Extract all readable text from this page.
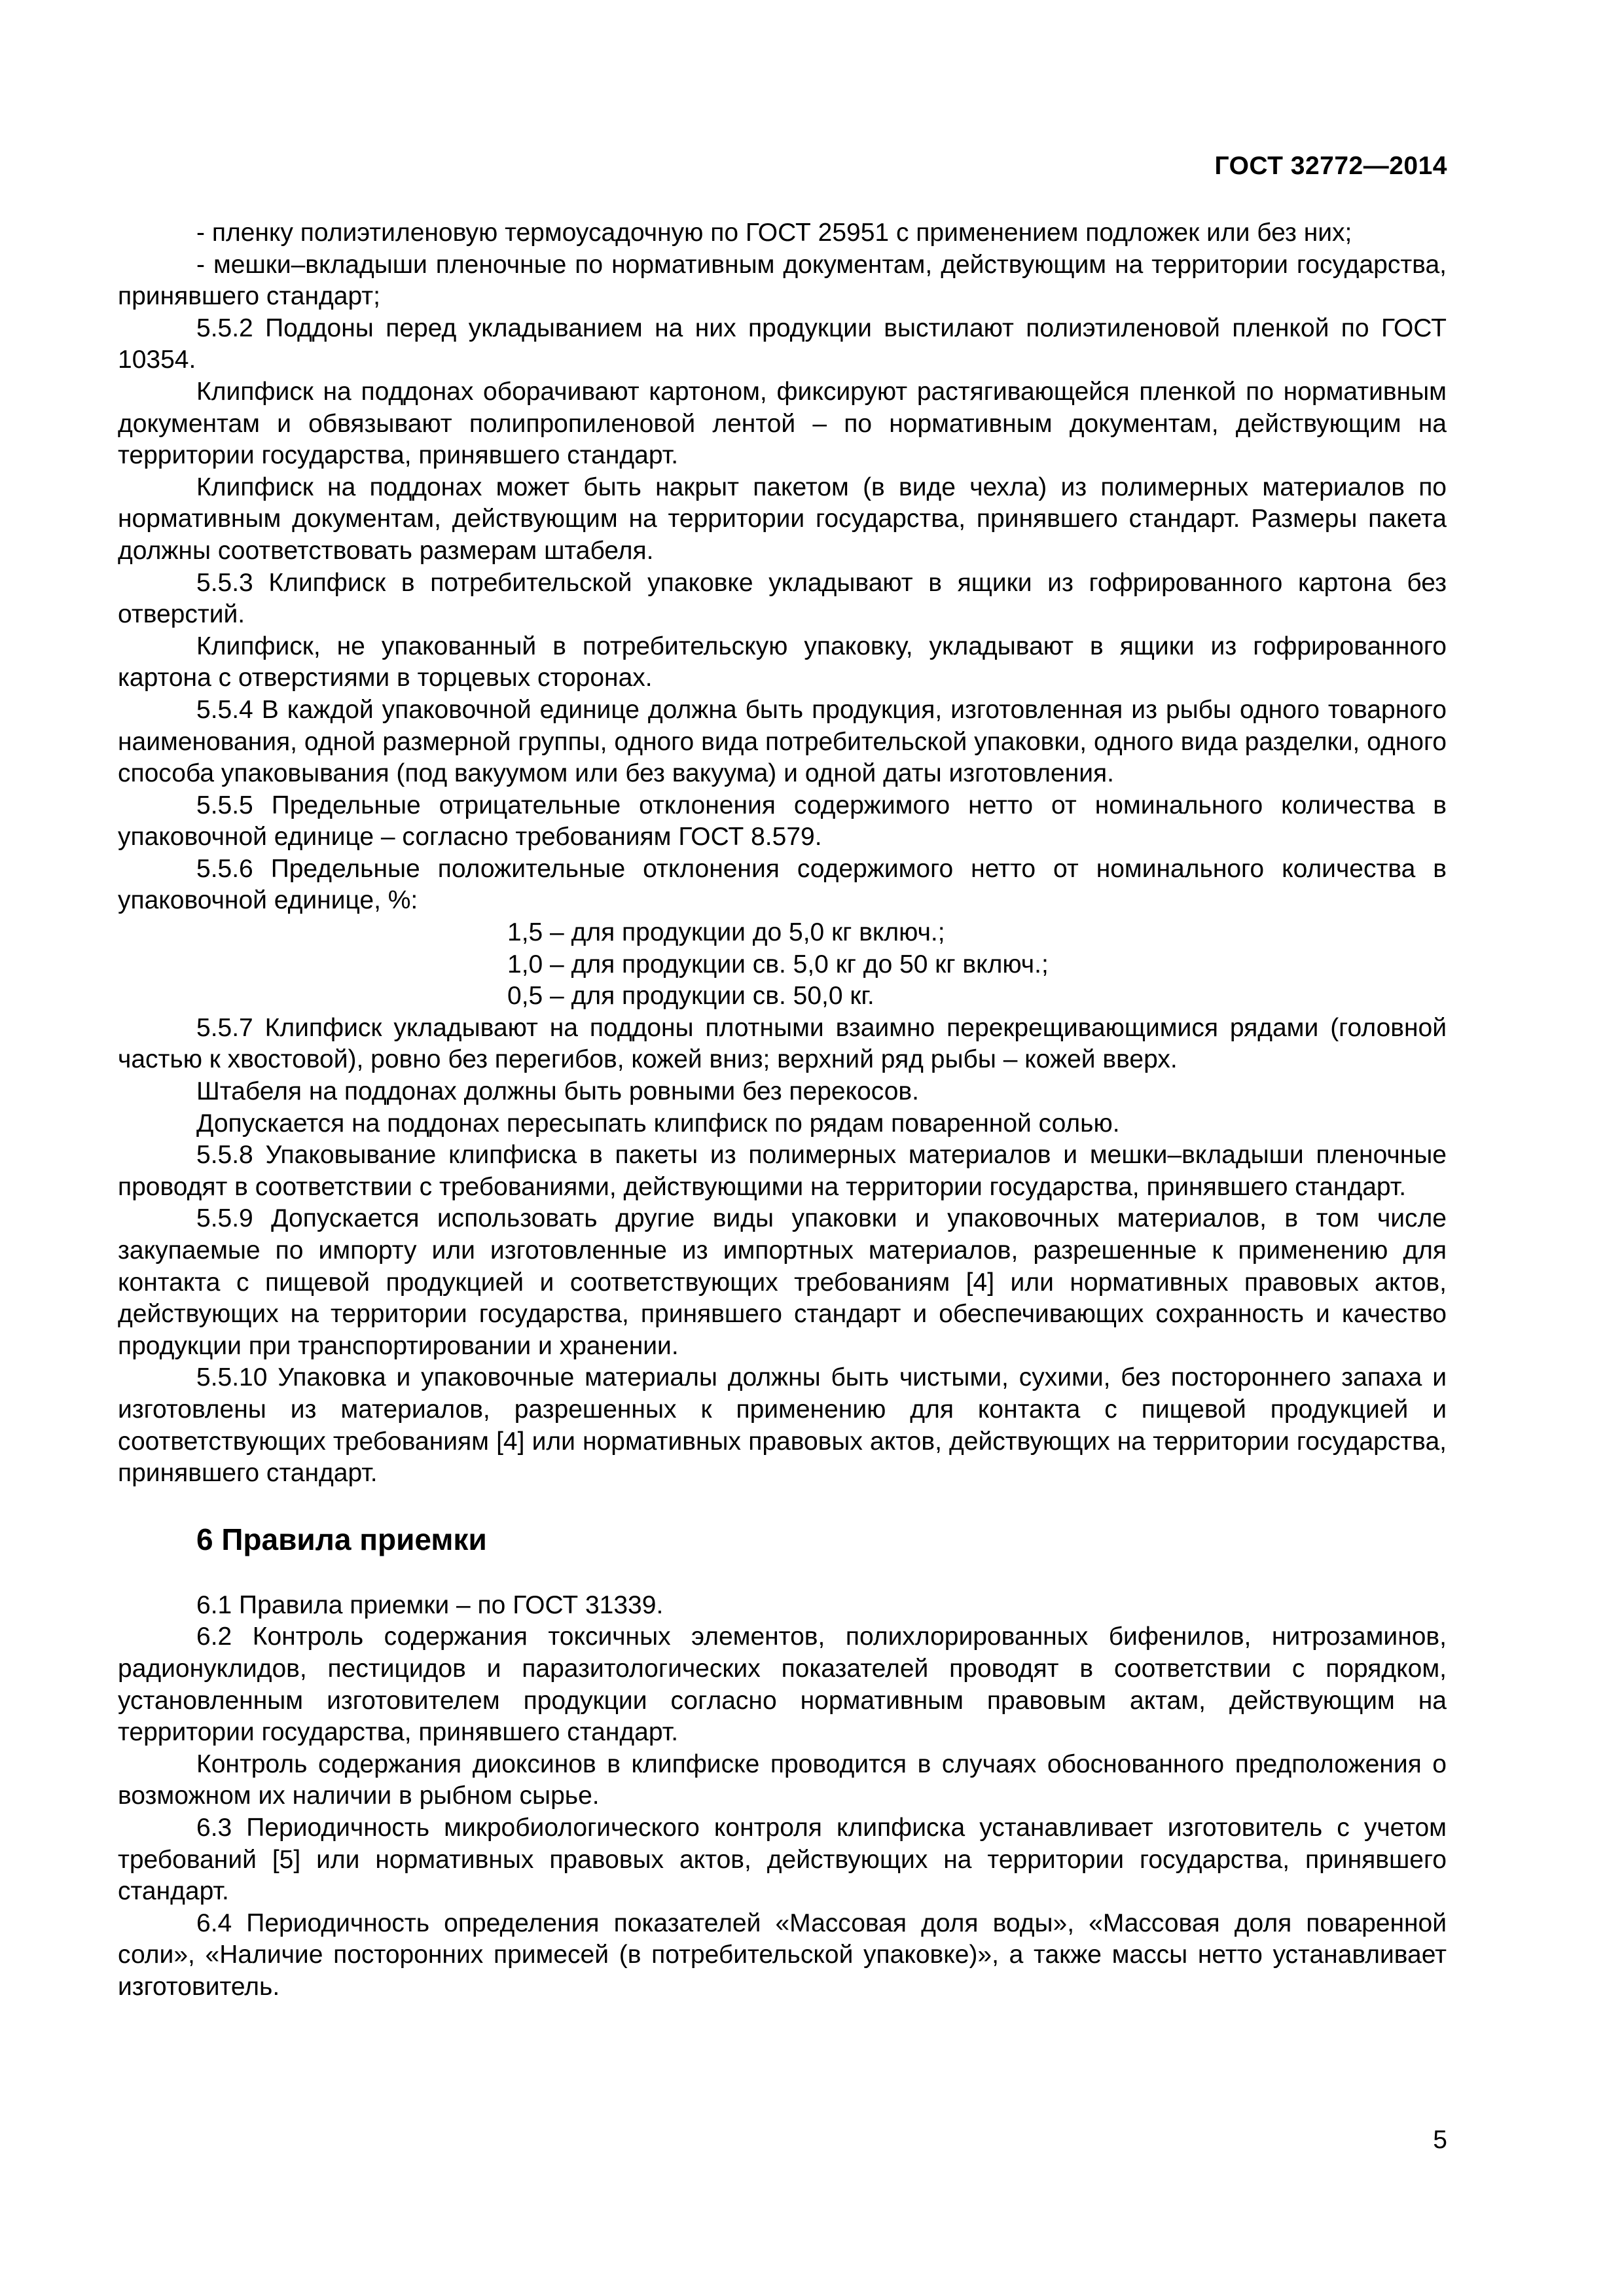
ГОСТ 32772—2014

- пленку полиэтиленовую термоусадочную по ГОСТ 25951 с применением подложек или без них;

- мешки–вкладыши пленочные по нормативным документам, действующим на территории государства, принявшего стандарт;

5.5.2 Поддоны перед укладыванием на них продукции выстилают полиэтиленовой пленкой по ГОСТ 10354.

Клипфиск на поддонах оборачивают картоном, фиксируют растягивающейся пленкой по нормативным документам и обвязывают полипропиленовой лентой – по нормативным документам, действующим на территории государства, принявшего стандарт.

Клипфиск на поддонах может быть накрыт пакетом (в виде чехла) из полимерных материалов по нормативным документам, действующим на территории государства, принявшего стандарт. Размеры пакета должны соответствовать размерам штабеля.

5.5.3 Клипфиск в потребительской упаковке укладывают в ящики из гофрированного картона без отверстий.

Клипфиск, не упакованный в потребительскую упаковку, укладывают в ящики из гофрированного картона с отверстиями в торцевых сторонах.

5.5.4 В каждой упаковочной единице должна быть продукция, изготовленная из рыбы одного товарного наименования, одной размерной группы, одного вида потребительской упаковки, одного вида разделки, одного способа упаковывания (под вакуумом или без вакуума) и одной даты изготовления.

5.5.5 Предельные отрицательные отклонения содержимого нетто от номинального количества в упаковочной единице – согласно требованиям ГОСТ 8.579.

5.5.6 Предельные положительные отклонения содержимого нетто от номинального количества в упаковочной единице, %:

1,5 – для продукции до 5,0 кг включ.;
1,0 – для продукции св. 5,0 кг до 50 кг включ.;
0,5 – для продукции св. 50,0 кг.

5.5.7 Клипфиск укладывают на поддоны плотными взаимно перекрещивающимися рядами (головной частью к хвостовой), ровно без перегибов, кожей вниз; верхний ряд рыбы – кожей вверх.

Штабеля на поддонах должны быть ровными без перекосов.

Допускается на поддонах пересыпать клипфиск по рядам поваренной солью.

5.5.8 Упаковывание клипфиска в пакеты из полимерных материалов и мешки–вкладыши пленочные проводят в соответствии с требованиями, действующими на территории государства, принявшего стандарт.

5.5.9 Допускается использовать другие виды упаковки и упаковочных материалов, в том числе закупаемые по импорту или изготовленные из импортных материалов, разрешенные к применению для контакта с пищевой продукцией и соответствующих требованиям [4] или нормативных правовых актов, действующих на территории государства, принявшего стандарт и обеспечивающих сохранность и качество продукции при транспортировании и хранении.

5.5.10 Упаковка и упаковочные материалы должны быть чистыми, сухими, без постороннего запаха и изготовлены из материалов, разрешенных к применению для контакта с пищевой продукцией и соответствующих требованиям [4] или нормативных правовых актов, действующих на территории государства, принявшего стандарт.

6 Правила приемки

6.1 Правила приемки – по ГОСТ 31339.

6.2 Контроль содержания токсичных элементов, полихлорированных бифенилов, нитрозаминов, радионуклидов, пестицидов и паразитологических показателей проводят в соответствии с порядком, установленным изготовителем продукции согласно нормативным правовым актам, действующим на территории государства, принявшего стандарт.

Контроль содержания диоксинов в клипфиске проводится в случаях обоснованного предположения о возможном их наличии в рыбном сырье.

6.3 Периодичность микробиологического контроля клипфиска устанавливает изготовитель с учетом требований [5] или нормативных правовых актов, действующих на территории государства, принявшего стандарт.

6.4 Периодичность определения показателей «Массовая доля воды», «Массовая доля поваренной соли», «Наличие посторонних примесей (в потребительской упаковке)», а также массы нетто устанавливает изготовитель.

5
